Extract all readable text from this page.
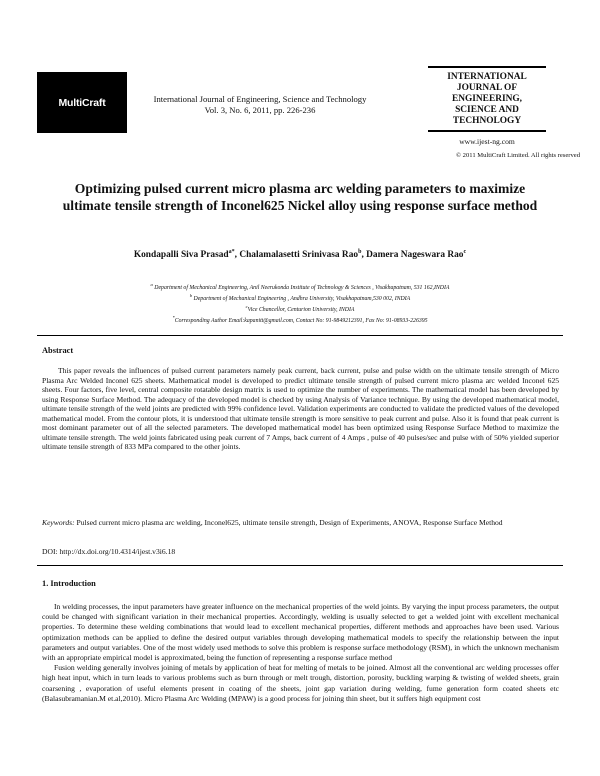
MultiCraft	International Journal of Engineering, Science and Technology
Vol. 3, No. 6, 2011, pp. 226-236
INTERNATIONAL
JOURNAL OF
ENGINEERING,
SCIENCE AND
TECHNOLOGY
www.ijest-ng.com
© 2011 MultiCraft Limited. All rights reserved
Optimizing pulsed current micro plasma arc welding parameters to maximize ultimate tensile strength of Inconel625 Nickel alloy using response surface method
Kondapalli Siva Prasad$^{a*}$, Chalamalasetti Srinivasa Rao$^b$, Damera Nageswara Rao$^c$
$^a$ Department of Mechanical Engineering, Anil Neerukonda Institute of Technology & Sciences , Visakhapatnam, 531 162,INDIA
$^b$ Department of Mechanical Engineering , Andhra University, Visakhapatnam,530 002, INDIA
$^c$Vice Chancellor, Centurion University, INDIA
*Corresponding Author Email:kapanitt@gmail.com, Contact No: 91-9849212391, Fax No: 91-08933-226395
Abstract
This paper reveals the influences of pulsed current parameters namely peak current, back current, pulse and pulse width on the ultimate tensile strength of Micro Plasma Arc Welded Inconel 625 sheets. Mathematical model is developed to predict ultimate tensile strength of pulsed current micro plasma arc welded Inconel 625 sheets. Four factors, five level, central composite rotatable design matrix is used to optimize the number of experiments. The mathematical model has been developed by using Response Surface Method. The adequacy of the developed model is checked by using Analysis of Variance technique. By using the developed mathematical model, ultimate tensile strength of the weld joints are predicted with 99% confidence level. Validation experiments are conducted to validate the predicted values of the developed mathematical model. From the contour plots, it is understood that ultimate tensile strength is more sensitive to peak current and pulse. Also it is found that peak current is most dominant parameter out of all the selected parameters. The developed mathematical model has been optimized using Response Surface Method to maximize the ultimate tensile strength. The weld joints fabricated using peak current of 7 Amps, back current of 4 Amps , pulse of 40 pulses/sec and pulse with of 50% yielded superior ultimate tensile strength of 833 MPa compared to the other joints.
Keywords: Pulsed current micro plasma arc welding, Inconel625, ultimate tensile strength, Design of Experiments, ANOVA, Response Surface Method
DOI: http://dx.doi.org/10.4314/ijest.v3i6.18
1. Introduction

In welding processes, the input parameters have greater influence on the mechanical properties of the weld joints. By varying the input process parameters, the output could be changed with significant variation in their mechanical properties. Accordingly, welding is usually selected to get a welded joint with excellent mechanical properties. To determine these welding combinations that would lead to excellent mechanical properties, different methods and approaches have been used. Various optimization methods can be applied to define the desired output variables through developing mathematical models to specify the relationship between the input parameters and output variables. One of the most widely used methods to solve this problem is response surface methodology (RSM), in which the unknown mechanism with an appropriate empirical model is approximated, being the function of representing a response surface method

Fusion welding generally involves joining of metals by application of heat for melting of metals to be joined. Almost all the conventional arc welding processes offer high heat input, which in turn leads to various problems such as burn through or melt trough, distortion, porosity, buckling warping & twisting of welded sheets, grain coarsening , evaporation of useful elements present in coating of the sheets, joint gap variation during welding, fume generation form coated sheets etc (Balasubramanian.M et.al,2010). Micro Plasma Arc Welding (MPAW) is a good process for joining thin sheet, but it suffers high equipment cost
